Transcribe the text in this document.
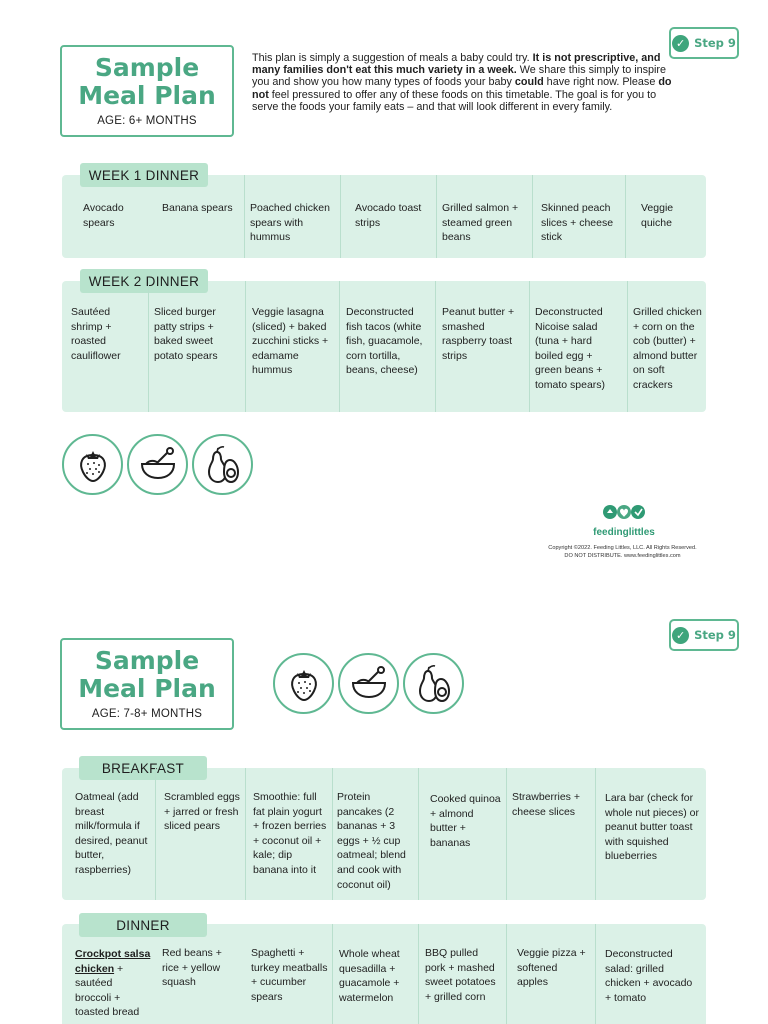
Sample
Meal Plan
AGE: 6+ MONTHS
✓ Step 9
This plan is simply a suggestion of meals a baby could try. It is not prescriptive, and many families don't eat this much variety in a week. We share this simply to inspire you and show you how many types of foods your baby could have right now. Please do not feel pressured to offer any of these foods on this timetable. The goal is for you to serve the foods your family eats – and that will look different in every family.
WEEK 1 DINNER
Avocado spears
Banana spears	Poached chicken spears with hummus
Avocado toast strips
Grilled salmon + steamed green beans
Skinned peach slices + cheese stick
Veggie quiche
WEEK 2 DINNER
Sautéed shrimp + roasted cauliflower
Sliced burger patty strips + baked sweet potato spears
Veggie lasagna (sliced) + baked zucchini sticks + edamame hummus
Deconstructed fish tacos (white fish, guacamole, corn tortilla, beans, cheese)
Peanut butter + smashed raspberry toast strips
Deconstructed Nicoise salad (tuna + hard boiled egg + green beans + tomato spears)
Grilled chicken + corn on the cob (butter) + almond butter on soft crackers
feedinglittles
Copyright ©2022. Feeding Littles, LLC. All Rights Reserved.
DO NOT DISTRIBUTE. www.feedinglittles.com
Sample
Meal Plan
AGE: 7-8+ MONTHS
✓ Step 9
BREAKFAST
Oatmeal (add breast milk/formula if desired, peanut butter, raspberries)
Scrambled eggs + jarred or fresh sliced pears
Smoothie: full fat plain yogurt + frozen berries + coconut oil + kale; dip banana into it
Protein pancakes (2 bananas + 3 eggs + ½ cup oatmeal; blend and cook with coconut oil)
Cooked quinoa + almond butter + bananas
Strawberries + cheese slices
Lara bar (check for whole nut pieces) or peanut butter toast with squished blueberries
DINNER
Crockpot salsa chicken + sautéed broccoli + toasted bread
Red beans + rice + yellow squash
Spaghetti + turkey meatballs + cucumber spears
Whole wheat quesadilla + guacamole + watermelon
BBQ pulled pork + mashed sweet potatoes + grilled corn
Veggie pizza + softened apples
Deconstructed salad: grilled chicken + avocado + tomato
